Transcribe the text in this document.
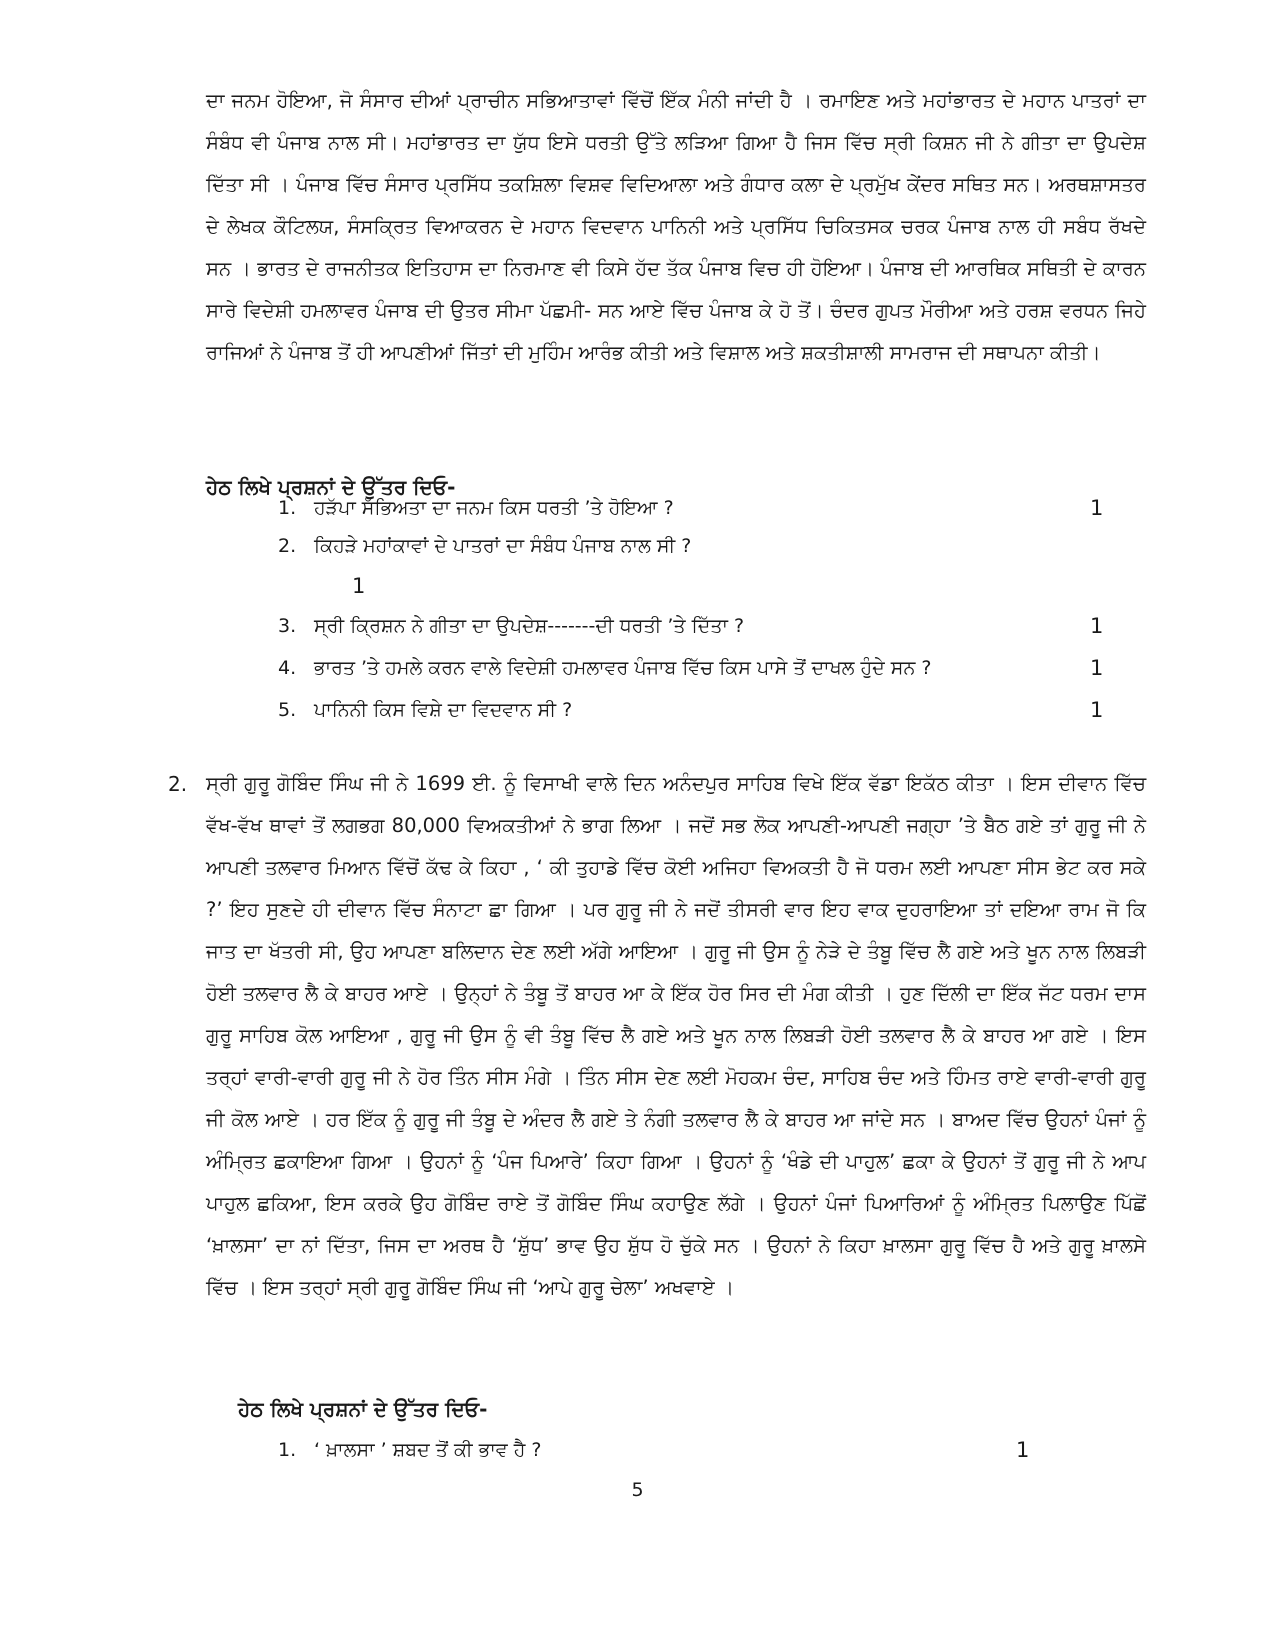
ਦਾ ਜਨਮ ਹੋਇਆ, ਜੋ ਸੰਸਾਰ ਦੀਆਂ ਪ੍ਰਾਚੀਨ ਸਭਿਆਤਾਵਾਂ ਵਿੱਚੋਂ ਇੱਕ ਮੰਨੀ ਜਾਂਦੀ ਹੈ । ਰਮਾਇਣ ਅਤੇ ਮਹਾਂਭਾਰਤ ਦੇ ਮਹਾਨ ਪਾਤਰਾਂ ਦਾ ਸੰਬੰਧ ਵੀ ਪੰਜਾਬ ਨਾਲ ਸੀ। ਮਹਾਂਭਾਰਤ ਦਾ ਯੁੱਧ ਇਸੇ ਧਰਤੀ ਉੱਤੇ ਲੜਿਆ ਗਿਆ ਹੈ ਜਿਸ ਵਿੱਚ ਸ੍ਰੀ ਕਿਸ਼ਨ ਜੀ ਨੇ ਗੀਤਾ ਦਾ ਉਪਦੇਸ਼ ਦਿੱਤਾ ਸੀ । ਪੰਜਾਬ ਵਿੱਚ ਸੰਸਾਰ ਪ੍ਰਸਿੱਧ ਤਕਸ਼ਿਲਾ ਵਿਸ਼ਵ ਵਿਦਿਆਲਾ ਅਤੇ ਗੰਧਾਰ ਕਲਾ ਦੇ ਪ੍ਰਮੁੱਖ ਕੇਂਦਰ ਸਥਿਤ ਸਨ। ਅਰਥਸ਼ਾਸਤਰ ਦੇ ਲੇਖਕ ਕੌਟਿਲਯ, ਸੰਸਕ੍ਰਿਤ ਵਿਆਕਰਨ ਦੇ ਮਹਾਨ ਵਿਦਵਾਨ ਪਾਨਿਨੀ ਅਤੇ ਪ੍ਰਸਿੱਧ ਚਿਕਿਤਸਕ ਚਰਕ ਪੰਜਾਬ ਨਾਲ ਹੀ ਸਬੰਧ ਰੱਖਦੇ ਸਨ । ਭਾਰਤ ਦੇ ਰਾਜਨੀਤਕ ਇਤਿਹਾਸ ਦਾ ਨਿਰਮਾਣ ਵੀ ਕਿਸੇ ਹੱਦ ਤੱਕ ਪੰਜਾਬ ਵਿਚ ਹੀ ਹੋਇਆ। ਪੰਜਾਬ ਦੀ ਆਰਥਿਕ ਸਥਿਤੀ ਦੇ ਕਾਰਨ ਸਾਰੇ ਵਿਦੇਸ਼ੀ ਹਮਲਾਵਰ ਪੰਜਾਬ ਦੀ ਉਤਰ ਸੀਮਾ ਪੱਛਮੀ- ਸਨ ਆਏ ਵਿੱਚ ਪੰਜਾਬ ਕੇ ਹੋ ਤੋਂ। ਚੰਦਰ ਗੁਪਤ ਮੌਰੀਆ ਅਤੇ ਹਰਸ਼ ਵਰਧਨ ਜਿਹੇ ਰਾਜਿਆਂ ਨੇ ਪੰਜਾਬ ਤੋਂ ਹੀ ਆਪਣੀਆਂ ਜਿੱਤਾਂ ਦੀ ਮੁਹਿੰਮ ਆਰੰਭ ਕੀਤੀ ਅਤੇ ਵਿਸ਼ਾਲ ਅਤੇ ਸ਼ਕਤੀਸ਼ਾਲੀ ਸਾਮਰਾਜ ਦੀ ਸਥਾਪਨਾ ਕੀਤੀ।

ਹੇਠ ਲਿਖੇ ਪ੍ਰਸ਼ਨਾਂ ਦੇ ਉੱਤਰ ਦਿਓ-
1. ਹੜੱਪਾ ਸੱਭਿਅਤਾ ਦਾ ਜਨਮ ਕਿਸ ਧਰਤੀ ’ਤੇ ਹੋਇਆ ?	1
2. ਕਿਹੜੇ ਮਹਾਂਕਾਵਾਂ ਦੇ ਪਾਤਰਾਂ ਦਾ ਸੰਬੰਧ ਪੰਜਾਬ ਨਾਲ ਸੀ ?
1
3. ਸ੍ਰੀ ਕ੍ਰਿਸ਼ਨ ਨੇ ਗੀਤਾ ਦਾ ਉਪਦੇਸ਼-------ਦੀ ਧਰਤੀ ’ਤੇ ਦਿੱਤਾ ?	1
4. ਭਾਰਤ ’ਤੇ ਹਮਲੇ ਕਰਨ ਵਾਲੇ ਵਿਦੇਸ਼ੀ ਹਮਲਾਵਰ ਪੰਜਾਬ ਵਿੱਚ ਕਿਸ ਪਾਸੇ ਤੋਂ ਦਾਖਲ ਹੁੰਦੇ ਸਨ ?	1
5. ਪਾਨਿਨੀ ਕਿਸ ਵਿਸ਼ੇ ਦਾ ਵਿਦਵਾਨ ਸੀ ?	1
2. ਸ੍ਰੀ ਗੁਰੂ ਗੋਬਿੰਦ ਸਿੰਘ ਜੀ ਨੇ 1699 ਈ. ਨੂੰ ਵਿਸਾਖੀ ਵਾਲੇ ਦਿਨ ਅਨੰਦਪੁਰ ਸਾਹਿਬ ਵਿਖੇ ਇੱਕ ਵੱਡਾ ਇਕੱਠ ਕੀਤਾ । ਇਸ ਦੀਵਾਨ ਵਿੱਚ ਵੱਖ-ਵੱਖ ਥਾਵਾਂ ਤੋਂ ਲਗਭਗ 80,000 ਵਿਅਕਤੀਆਂ ਨੇ ਭਾਗ ਲਿਆ । ਜਦੋਂ ਸਭ ਲੋਕ ਆਪਣੀ-ਆਪਣੀ ਜਗ੍ਹਾ ’ਤੇ ਬੈਠ ਗਏ ਤਾਂ ਗੁਰੂ ਜੀ ਨੇ ਆਪਣੀ ਤਲਵਾਰ ਮਿਆਨ ਵਿੱਚੋਂ ਕੱਢ ਕੇ ਕਿਹਾ , ‘ ਕੀ ਤੁਹਾਡੇ ਵਿੱਚ ਕੋਈ ਅਜਿਹਾ ਵਿਅਕਤੀ ਹੈ ਜੋ ਧਰਮ ਲਈ ਆਪਣਾ ਸੀਸ ਭੇਟ ਕਰ ਸਕੇ ?’ ਇਹ ਸੁਣਦੇ ਹੀ ਦੀਵਾਨ ਵਿੱਚ ਸੰਨਾਟਾ ਛਾ ਗਿਆ । ਪਰ ਗੁਰੂ ਜੀ ਨੇ ਜਦੋਂ ਤੀਸਰੀ ਵਾਰ ਇਹ ਵਾਕ ਦੁਹਰਾਇਆ ਤਾਂ ਦਇਆ ਰਾਮ ਜੋ ਕਿ ਜਾਤ ਦਾ ਖੱਤਰੀ ਸੀ, ਉਹ ਆਪਣਾ ਬਲਿਦਾਨ ਦੇਣ ਲਈ ਅੱਗੇ ਆਇਆ । ਗੁਰੂ ਜੀ ਉਸ ਨੂੰ ਨੇੜੇ ਦੇ ਤੰਬੂ ਵਿੱਚ ਲੈ ਗਏ ਅਤੇ ਖੂਨ ਨਾਲ ਲਿਬੜੀ ਹੋਈ ਤਲਵਾਰ ਲੈ ਕੇ ਬਾਹਰ ਆਏ । ਉਨ੍ਹਾਂ ਨੇ ਤੰਬੂ ਤੋਂ ਬਾਹਰ ਆ ਕੇ ਇੱਕ ਹੋਰ ਸਿਰ ਦੀ ਮੰਗ ਕੀਤੀ । ਹੁਣ ਦਿੱਲੀ ਦਾ ਇੱਕ ਜੱਟ ਧਰਮ ਦਾਸ ਗੁਰੂ ਸਾਹਿਬ ਕੋਲ ਆਇਆ , ਗੁਰੂ ਜੀ ਉਸ ਨੂੰ ਵੀ ਤੰਬੂ ਵਿੱਚ ਲੈ ਗਏ ਅਤੇ ਖੂਨ ਨਾਲ ਲਿਬੜੀ ਹੋਈ ਤਲਵਾਰ ਲੈ ਕੇ ਬਾਹਰ ਆ ਗਏ । ਇਸ ਤਰ੍ਹਾਂ ਵਾਰੀ-ਵਾਰੀ ਗੁਰੂ ਜੀ ਨੇ ਹੋਰ ਤਿੰਨ ਸੀਸ ਮੰਗੇ । ਤਿੰਨ ਸੀਸ ਦੇਣ ਲਈ ਮੋਹਕਮ ਚੰਦ, ਸਾਹਿਬ ਚੰਦ ਅਤੇ ਹਿੰਮਤ ਰਾਏ ਵਾਰੀ-ਵਾਰੀ ਗੁਰੂ ਜੀ ਕੋਲ ਆਏ । ਹਰ ਇੱਕ ਨੂੰ ਗੁਰੂ ਜੀ ਤੰਬੂ ਦੇ ਅੰਦਰ ਲੈ ਗਏ ਤੇ ਨੰਗੀ ਤਲਵਾਰ ਲੈ ਕੇ ਬਾਹਰ ਆ ਜਾਂਦੇ ਸਨ । ਬਾਅਦ ਵਿੱਚ ਉਹਨਾਂ ਪੰਜਾਂ ਨੂੰ ਅੰਮ੍ਰਿਤ ਛਕਾਇਆ ਗਿਆ । ਉਹਨਾਂ ਨੂੰ ‘ਪੰਜ ਪਿਆਰੇ’ ਕਿਹਾ ਗਿਆ । ਉਹਨਾਂ ਨੂੰ ‘ਖੰਡੇ ਦੀ ਪਾਹੁਲ’ ਛਕਾ ਕੇ ਉਹਨਾਂ ਤੋਂ ਗੁਰੂ ਜੀ ਨੇ ਆਪ ਪਾਹੁਲ ਛਕਿਆ, ਇਸ ਕਰਕੇ ਉਹ ਗੋਬਿੰਦ ਰਾਏ ਤੋਂ ਗੋਬਿੰਦ ਸਿੰਘ ਕਹਾਉਣ ਲੱਗੇ । ਉਹਨਾਂ ਪੰਜਾਂ ਪਿਆਰਿਆਂ ਨੂੰ ਅੰਮ੍ਰਿਤ ਪਿਲਾਉਣ ਪਿੱਛੋਂ ‘ਖ਼ਾਲਸਾ’ ਦਾ ਨਾਂ ਦਿੱਤਾ, ਜਿਸ ਦਾ ਅਰਥ ਹੈ ‘ਸ਼ੁੱਧ’ ਭਾਵ ਉਹ ਸ਼ੁੱਧ ਹੋ ਚੁੱਕੇ ਸਨ । ਉਹਨਾਂ ਨੇ ਕਿਹਾ ਖ਼ਾਲਸਾ ਗੁਰੂ ਵਿੱਚ ਹੈ ਅਤੇ ਗੁਰੂ ਖ਼ਾਲਸੇ ਵਿੱਚ । ਇਸ ਤਰ੍ਹਾਂ ਸ੍ਰੀ ਗੁਰੂ ਗੋਬਿੰਦ ਸਿੰਘ ਜੀ ‘ਆਪੇ ਗੁਰੂ ਚੇਲਾ’ ਅਖਵਾਏ ।

ਹੇਠ ਲਿਖੇ ਪ੍ਰਸ਼ਨਾਂ ਦੇ ਉੱਤਰ ਦਿਓ-
1. ‘ ਖ਼ਾਲਸਾ ’ ਸ਼ਬਦ ਤੋਂ ਕੀ ਭਾਵ ਹੈ ?	1
5
